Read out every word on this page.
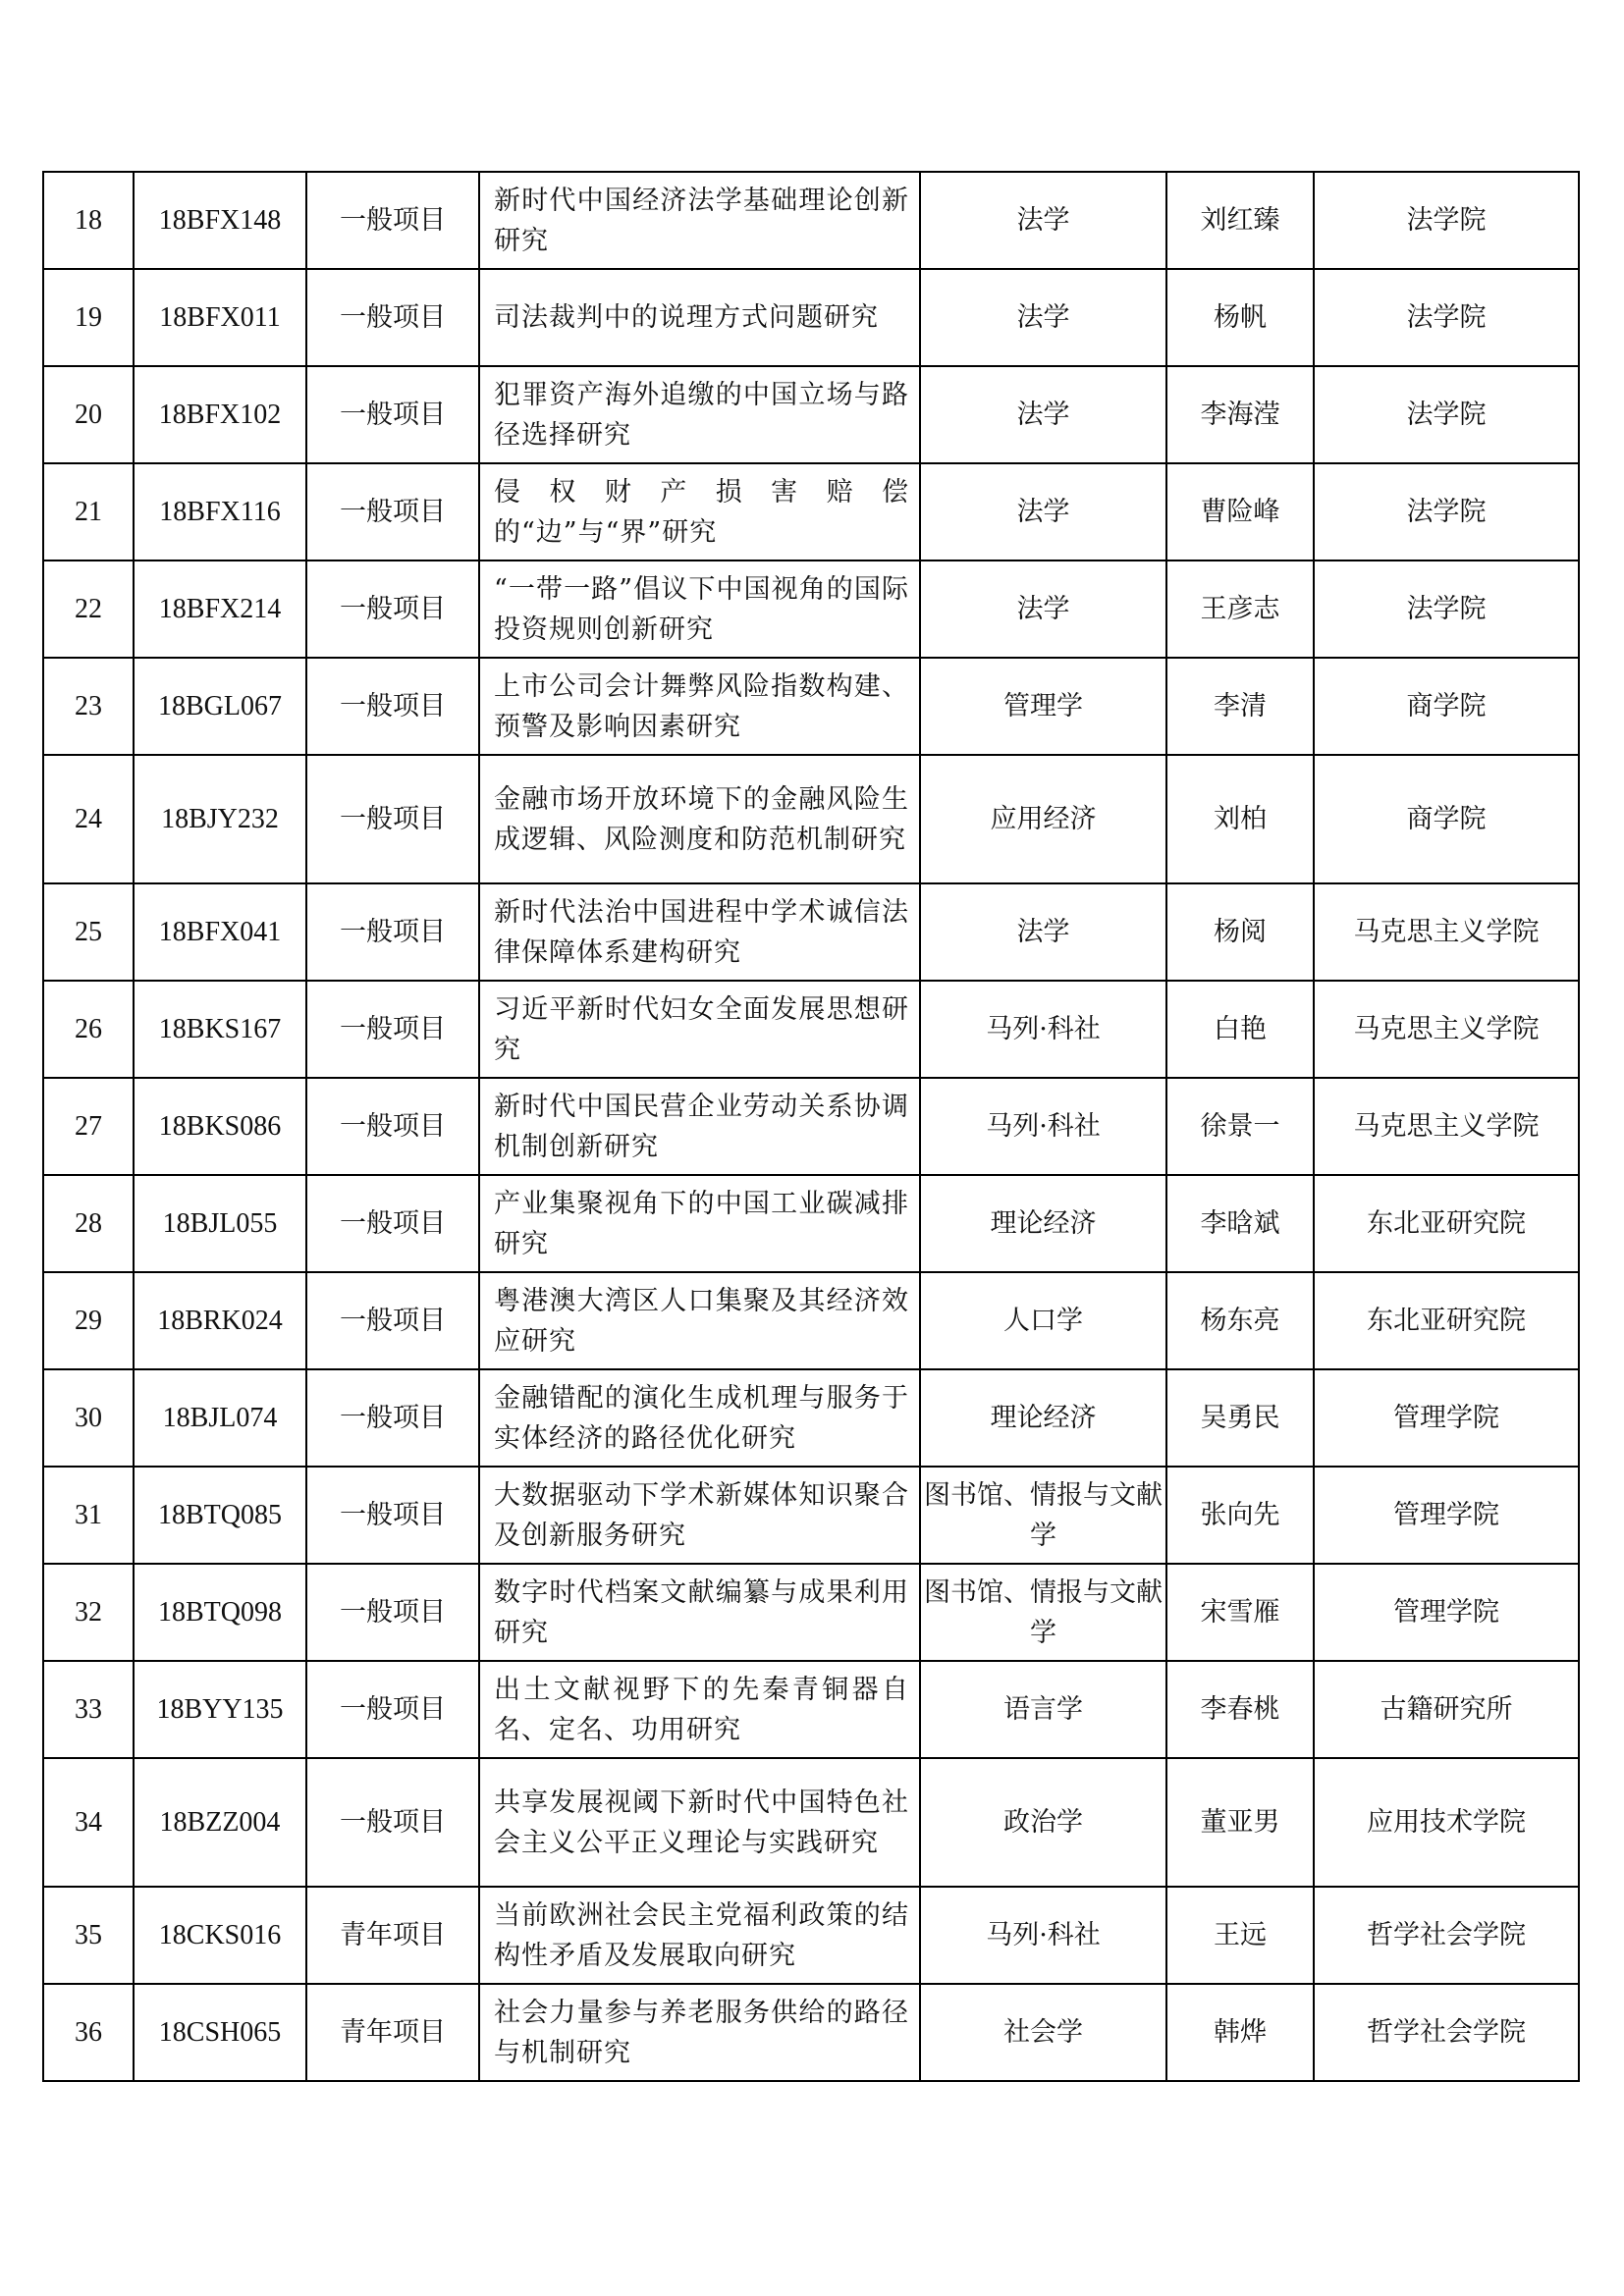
18	18BFX148	一般项目	新时代中国经济法学基础理论创新研究	法学	刘红臻	法学院
19	18BFX011	一般项目	司法裁判中的说理方式问题研究	法学	杨帆	法学院
20	18BFX102	一般项目	犯罪资产海外追缴的中国立场与路径选择研究	法学	李海滢	法学院
21	18BFX116	一般项目	侵权财产损害赔偿的“边”与“界”研究	法学	曹险峰	法学院
22	18BFX214	一般项目	“一带一路”倡议下中国视角的国际投资规则创新研究	法学	王彦志	法学院
23	18BGL067	一般项目	上市公司会计舞弊风险指数构建、预警及影响因素研究	管理学	李清	商学院
24	18BJY232	一般项目	金融市场开放环境下的金融风险生成逻辑、风险测度和防范机制研究	应用经济	刘柏	商学院
25	18BFX041	一般项目	新时代法治中国进程中学术诚信法律保障体系建构研究	法学	杨阅	马克思主义学院
26	18BKS167	一般项目	习近平新时代妇女全面发展思想研究	马列·科社	白艳	马克思主义学院
27	18BKS086	一般项目	新时代中国民营企业劳动关系协调机制创新研究	马列·科社	徐景一	马克思主义学院
28	18BJL055	一般项目	产业集聚视角下的中国工业碳减排研究	理论经济	李晗斌	东北亚研究院
29	18BRK024	一般项目	粤港澳大湾区人口集聚及其经济效应研究	人口学	杨东亮	东北亚研究院
30	18BJL074	一般项目	金融错配的演化生成机理与服务于实体经济的路径优化研究	理论经济	吴勇民	管理学院
31	18BTQ085	一般项目	大数据驱动下学术新媒体知识聚合及创新服务研究	图书馆、情报与文献学	张向先	管理学院
32	18BTQ098	一般项目	数字时代档案文献编纂与成果利用研究	图书馆、情报与文献学	宋雪雁	管理学院
33	18BYY135	一般项目	出土文献视野下的先秦青铜器自名、定名、功用研究	语言学	李春桃	古籍研究所
34	18BZZ004	一般项目	共享发展视阈下新时代中国特色社会主义公平正义理论与实践研究	政治学	董亚男	应用技术学院
35	18CKS016	青年项目	当前欧洲社会民主党福利政策的结构性矛盾及发展取向研究	马列·科社	王远	哲学社会学院
36	18CSH065	青年项目	社会力量参与养老服务供给的路径与机制研究	社会学	韩烨	哲学社会学院
